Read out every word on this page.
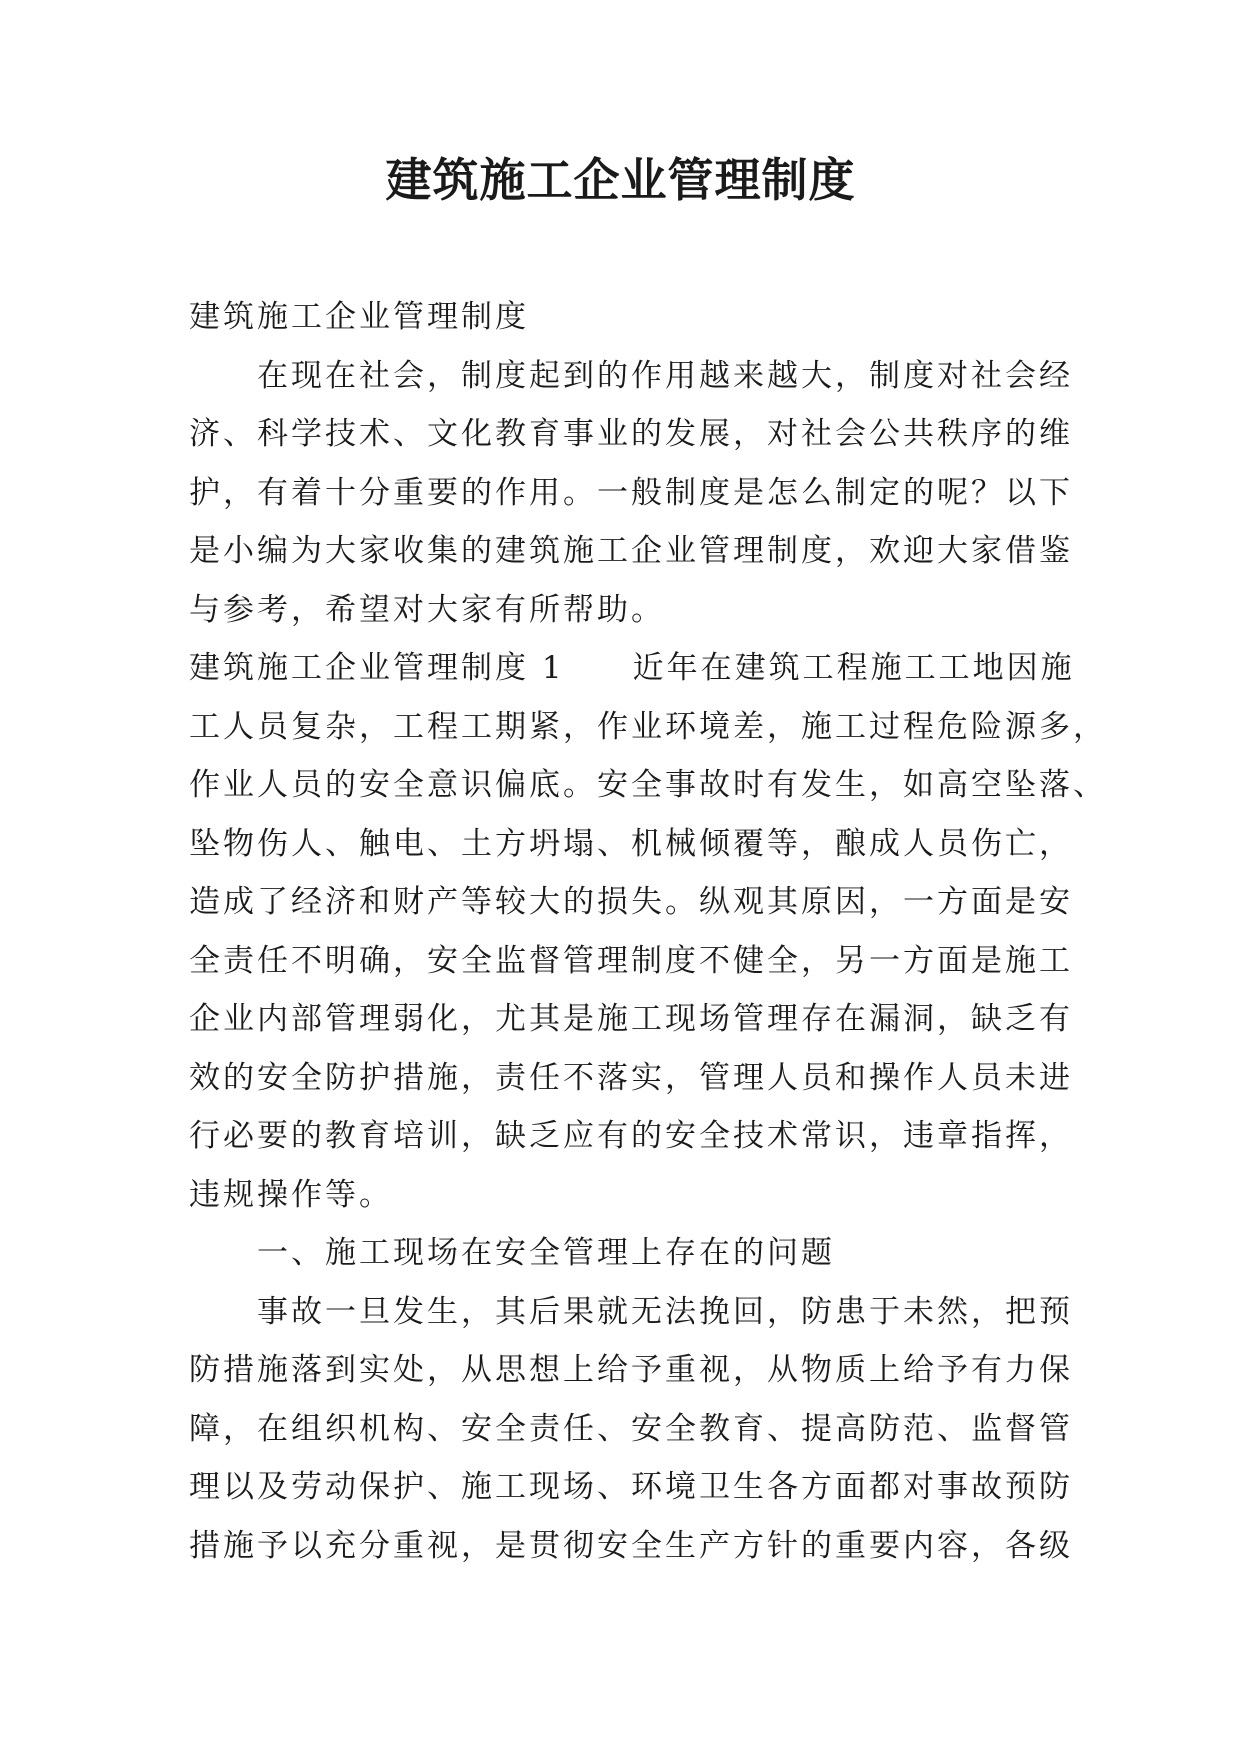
建筑施工企业管理制度
建筑施工企业管理制度
在现在社会，制度起到的作用越来越大，制度对社会经
济、科学技术、文化教育事业的发展，对社会公共秩序的维
护，有着十分重要的作用。一般制度是怎么制定的呢？以下
是小编为大家收集的建筑施工企业管理制度，欢迎大家借鉴
与参考，希望对大家有所帮助。
建筑施工企业管理制度 1　　近年在建筑工程施工工地因施
工人员复杂，工程工期紧，作业环境差，施工过程危险源多，
作业人员的安全意识偏底。安全事故时有发生，如高空坠落、
坠物伤人、触电、土方坍塌、机械倾覆等，酿成人员伤亡，
造成了经济和财产等较大的损失。纵观其原因，一方面是安
全责任不明确，安全监督管理制度不健全，另一方面是施工
企业内部管理弱化，尤其是施工现场管理存在漏洞，缺乏有
效的安全防护措施，责任不落实，管理人员和操作人员未进
行必要的教育培训，缺乏应有的安全技术常识，违章指挥，
违规操作等。
一、施工现场在安全管理上存在的问题
事故一旦发生，其后果就无法挽回，防患于未然，把预
防措施落到实处，从思想上给予重视，从物质上给予有力保
障，在组织机构、安全责任、安全教育、提高防范、监督管
理以及劳动保护、施工现场、环境卫生各方面都对事故预防
措施予以充分重视，是贯彻安全生产方针的重要内容，各级
